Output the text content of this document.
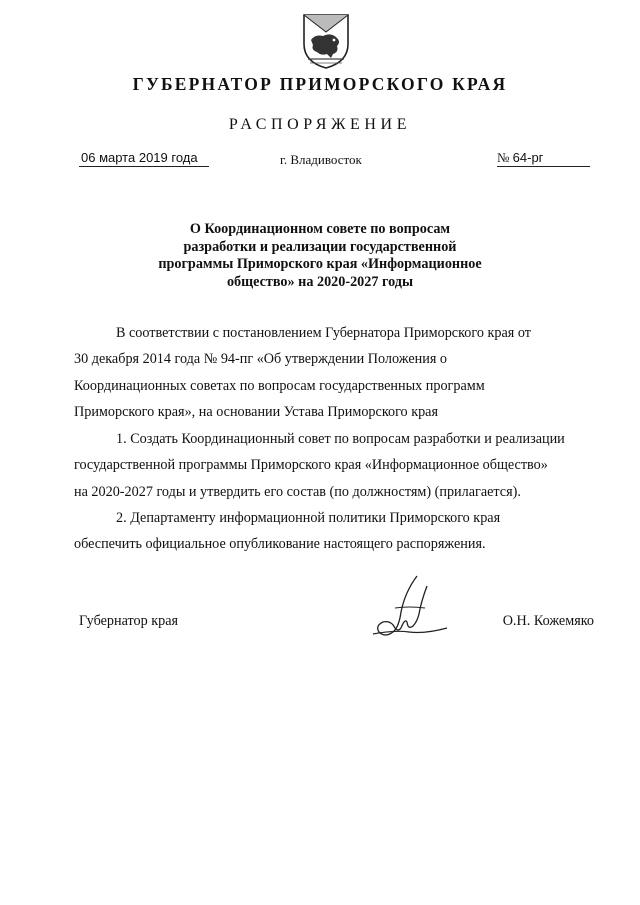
ГУБЕРНАТОР ПРИМОРСКОГО КРАЯ
РАСПОРЯЖЕНИЕ
06 марта 2019 года	г. Владивосток	№ 64-рг
О Координационном совете по вопросам
разработки и реализации государственной
программы Приморского края «Информационное
общество» на 2020-2027 годы
В соответствии с постановлением Губернатора Приморского края от
30 декабря 2014 года № 94-пг «Об утверждении Положения о
Координационных советах по вопросам государственных программ
Приморского края», на основании Устава Приморского края
1. Создать Координационный совет по вопросам разработки и реализации
государственной программы Приморского края «Информационное общество»
на 2020-2027 годы и утвердить его состав (по должностям) (прилагается).
2. Департаменту информационной политики Приморского края
обеспечить официальное опубликование настоящего распоряжения.
Губернатор края	О.Н. Кожемяко
